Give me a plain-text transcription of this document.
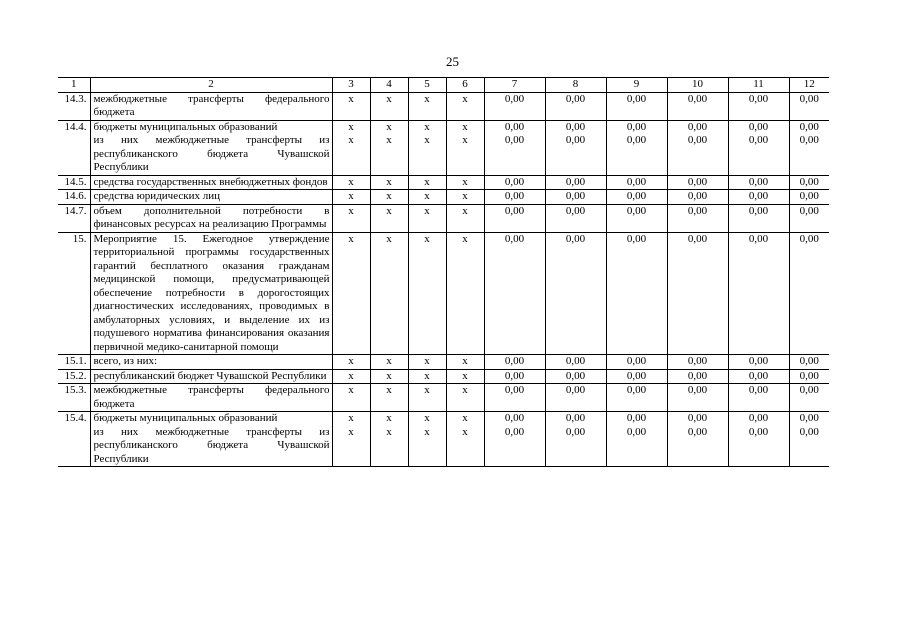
25
1	2	3	4	5	6	7	8	9	10	11	12
14.3.	межбюджетные трансферты федерального бюджета	x	x	x	x	0,00	0,00	0,00	0,00	0,00	0,00
14.4.	бюджеты муниципальных образований	x	x	x	x	0,00	0,00	0,00	0,00	0,00	0,00
	из них межбюджетные трансферты из республиканского бюджета Чувашской Республики	x	x	x	x	0,00	0,00	0,00	0,00	0,00	0,00
14.5.	средства государственных внебюджетных фондов	x	x	x	x	0,00	0,00	0,00	0,00	0,00	0,00
14.6.	средства юридических лиц	x	x	x	x	0,00	0,00	0,00	0,00	0,00	0,00
14.7.	объем дополнительной потребности в финансовых ресурсах на реализацию Программы	x	x	x	x	0,00	0,00	0,00	0,00	0,00	0,00
15.	Мероприятие 15. Ежегодное утверждение территориальной программы государственных гарантий бесплатного оказания гражданам медицинской помощи, предусматривающей обеспечение потребности в дорогостоящих диагностических исследованиях, проводимых в амбулаторных условиях, и выделение их из подушевого норматива финансирования оказания первичной медико-санитарной помощи	x	x	x	x	0,00	0,00	0,00	0,00	0,00	0,00
15.1.	всего, из них:	x	x	x	x	0,00	0,00	0,00	0,00	0,00	0,00
15.2.	республиканский бюджет Чувашской Республики	x	x	x	x	0,00	0,00	0,00	0,00	0,00	0,00
15.3.	межбюджетные трансферты федерального бюджета	x	x	x	x	0,00	0,00	0,00	0,00	0,00	0,00
15.4.	бюджеты муниципальных образований	x	x	x	x	0,00	0,00	0,00	0,00	0,00	0,00
	из них межбюджетные трансферты из республиканского бюджета Чувашской Республики	x	x	x	x	0,00	0,00	0,00	0,00	0,00	0,00
